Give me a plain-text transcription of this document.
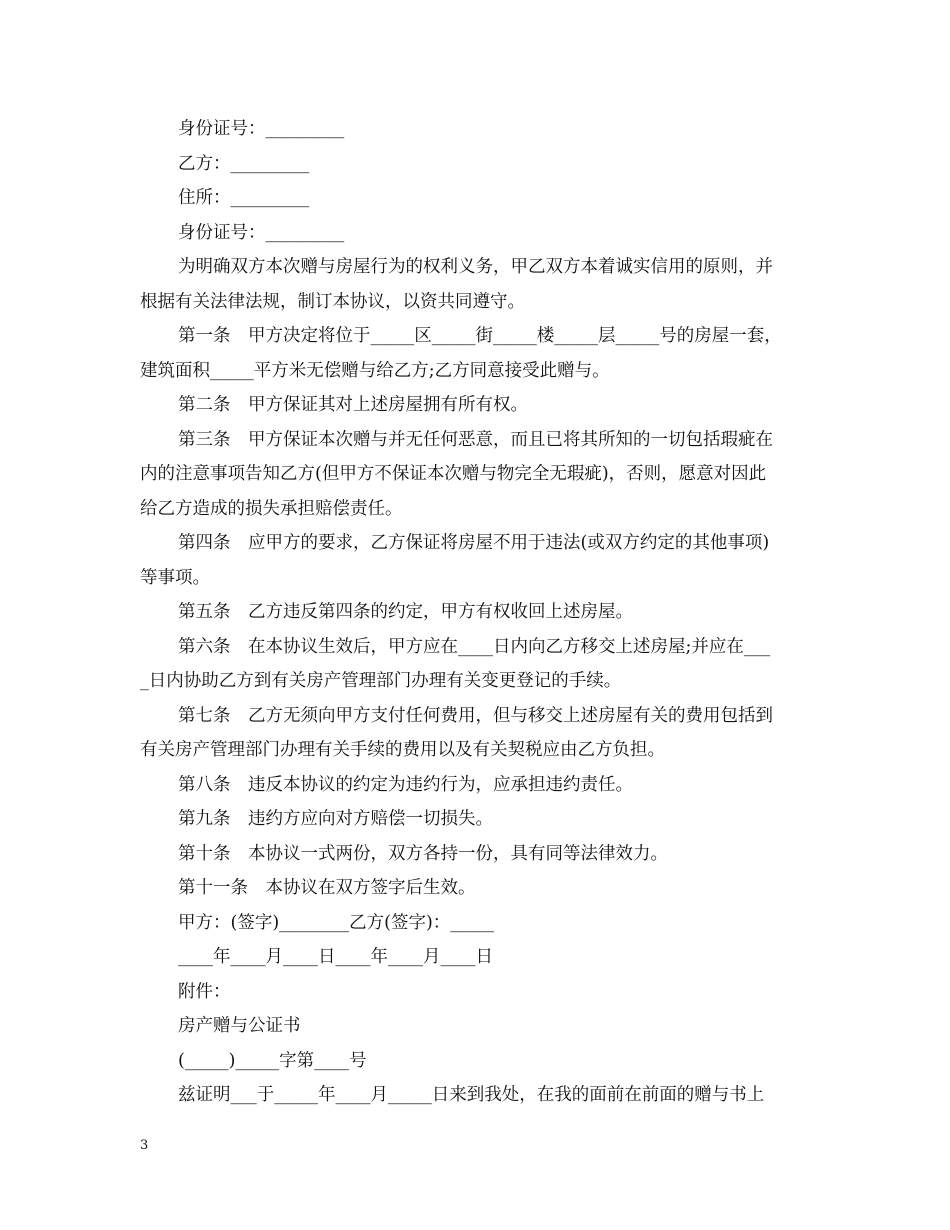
身份证号：_________
乙方：_________
住所：_________
身份证号：_________
为明确双方本次赠与房屋行为的权利义务，甲乙双方本着诚实信用的原则，并
根据有关法律法规，制订本协议，以资共同遵守。
第一条　甲方决定将位于_____区_____街_____楼_____层_____号的房屋一套，
建筑面积_____平方米无偿赠与给乙方;乙方同意接受此赠与。
第二条　甲方保证其对上述房屋拥有所有权。
第三条　甲方保证本次赠与并无任何恶意，而且已将其所知的一切包括瑕疵在
内的注意事项告知乙方(但甲方不保证本次赠与物完全无瑕疵)，否则，愿意对因此
给乙方造成的损失承担赔偿责任。
第四条　应甲方的要求，乙方保证将房屋不用于违法(或双方约定的其他事项)
等事项。
第五条　乙方违反第四条的约定，甲方有权收回上述房屋。
第六条　在本协议生效后，甲方应在____日内向乙方移交上述房屋;并应在___
_日内协助乙方到有关房产管理部门办理有关变更登记的手续。
第七条　乙方无须向甲方支付任何费用，但与移交上述房屋有关的费用包括到
有关房产管理部门办理有关手续的费用以及有关契税应由乙方负担。
第八条　违反本协议的约定为违约行为，应承担违约责任。
第九条　违约方应向对方赔偿一切损失。
第十条　本协议一式两份，双方各持一份，具有同等法律效力。
第十一条　本协议在双方签字后生效。
甲方：(签字)________乙方(签字)：_____
____年____月____日____年____月____日
附件：
房产赠与公证书
(_____)_____字第____号
兹证明___于_____年____月_____日来到我处，在我的面前在前面的赠与书上
3
